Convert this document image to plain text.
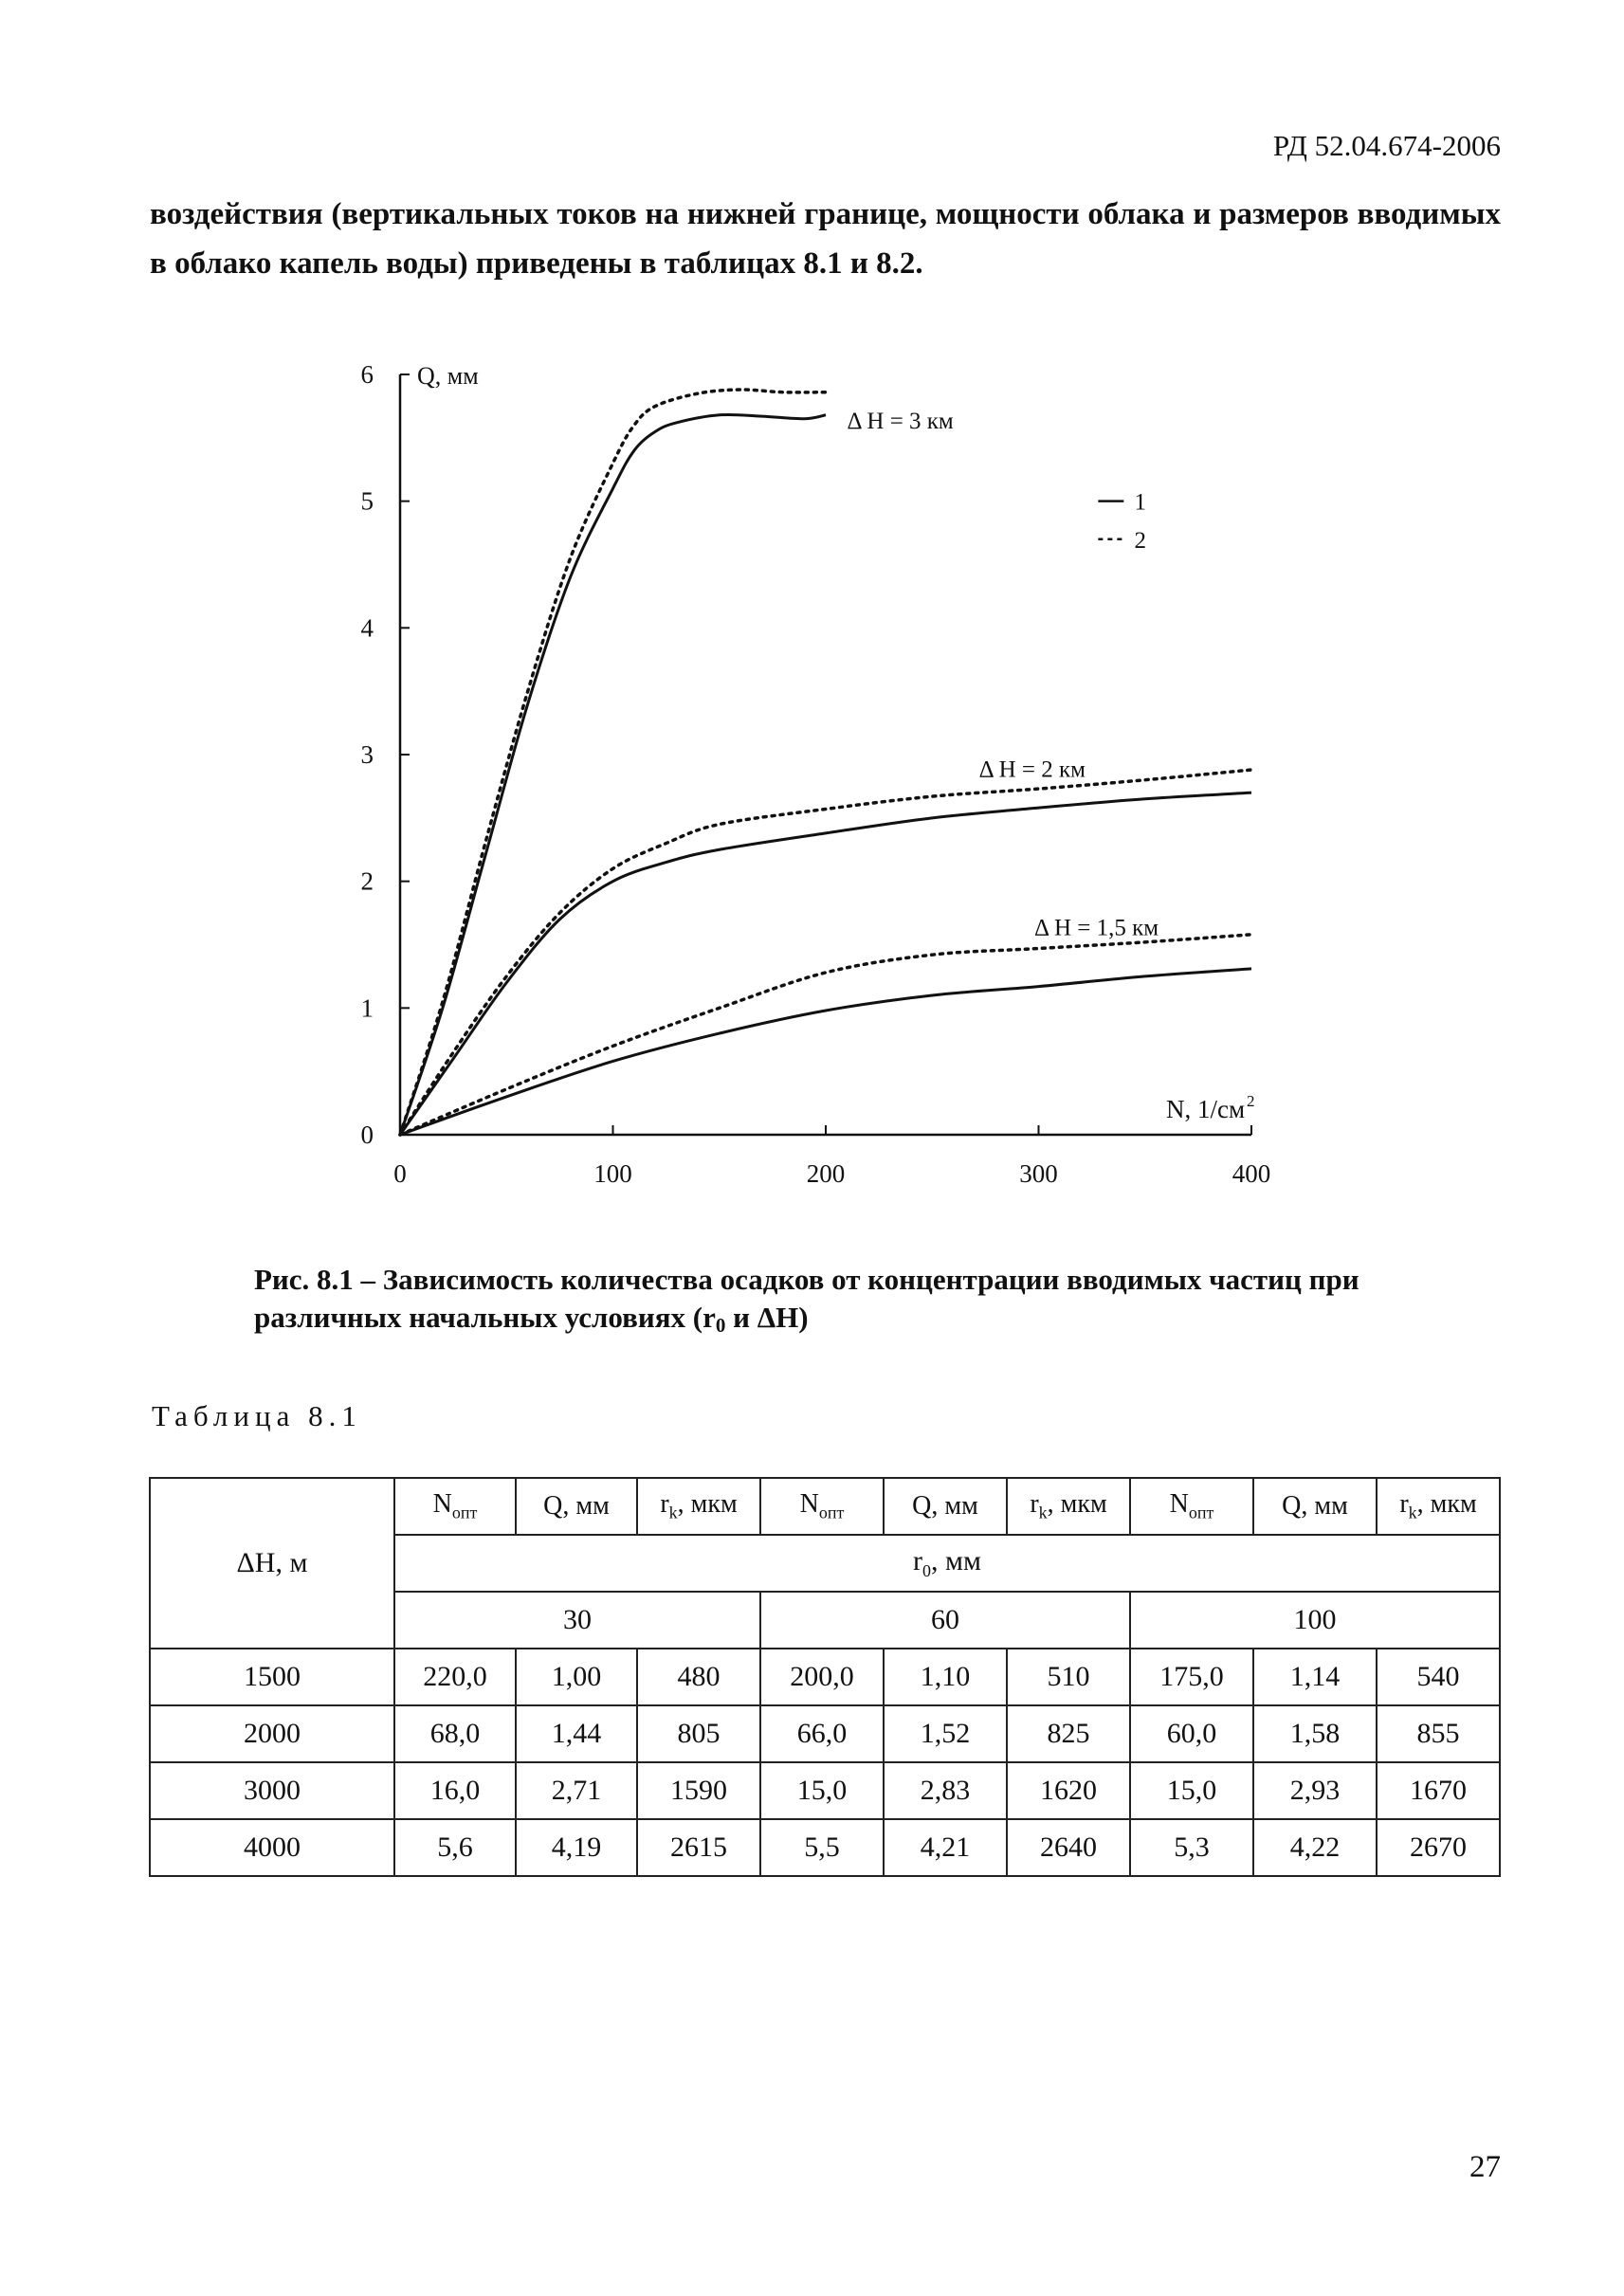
РД 52.04.674-2006
воздействия (вертикальных токов на нижней границе, мощности облака и размеров вводимых в облако капель воды) приведены в таблицах 8.1 и 8.2.
0	100	200	300	400
0
1
2
3
4
5
6 Q, мм
N, 1/см 2
Δ H = 3 км
Δ H = 2 км
Δ H = 1,5 км
1
2
Рис. 8.1 – Зависимость количества осадков от концентрации вводимых частиц при
различных начальных условиях ($r_0$ и ΔH)
Таблица 8.1
ΔH, м	$N_{опт}$	Q, мм	$r_k$, мкм	$N_{опт}$	Q, мм	$r_k$, мкм	$N_{опт}$	Q, мм	$r_k$, мкм
	$r_0$, мм								
	30			60			100		
1500	220,0	1,00	480	200,0	1,10	510	175,0	1,14	540
2000	68,0	1,44	805	66,0	1,52	825	60,0	1,58	855
3000	16,0	2,71	1590	15,0	2,83	1620	15,0	2,93	1670
4000	5,6	4,19	2615	5,5	4,21	2640	5,3	4,22	2670
27
